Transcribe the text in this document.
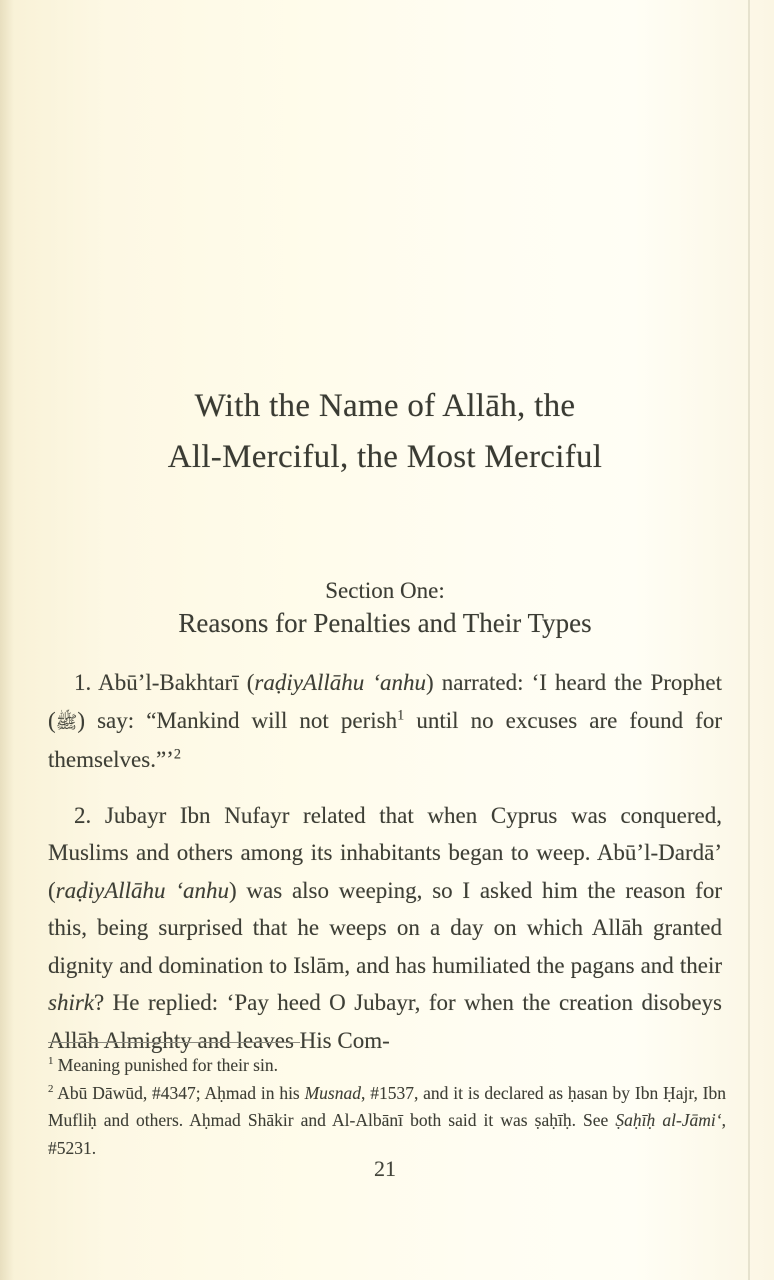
With the Name of Allāh, the
All-Merciful, the Most Merciful
Section One:
Reasons for Penalties and Their Types

1. Abū’l-Bakhtarī (raḍiyAllāhu ‘anhu) narrated: ‘I heard the Prophet (ﷺ) say: “Mankind will not perish$^1$ until no excuses are found for themselves.”’$^2$

2. Jubayr Ibn Nufayr related that when Cyprus was conquered, Muslims and others among its inhabitants began to weep. Abū’l-Dardā’ (raḍiyAllāhu ‘anhu) was also weeping, so I asked him the reason for this, being surprised that he weeps on a day on which Allāh granted dignity and domination to Islām, and has humiliated the pagans and their shirk? He replied: ‘Pay heed O Jubayr, for when the creation disobeys Allāh Almighty and leaves His Com-

$^1$ Meaning punished for their sin.

$^2$ Abū Dāwūd, #4347; Aḥmad in his Musnad, #1537, and it is declared as ḥasan by Ibn Ḥajr, Ibn Mufliḥ and others. Aḥmad Shākir and Al-Albānī both said it was ṣaḥīḥ. See Ṣaḥīḥ al-Jāmi‘, #5231.

21
